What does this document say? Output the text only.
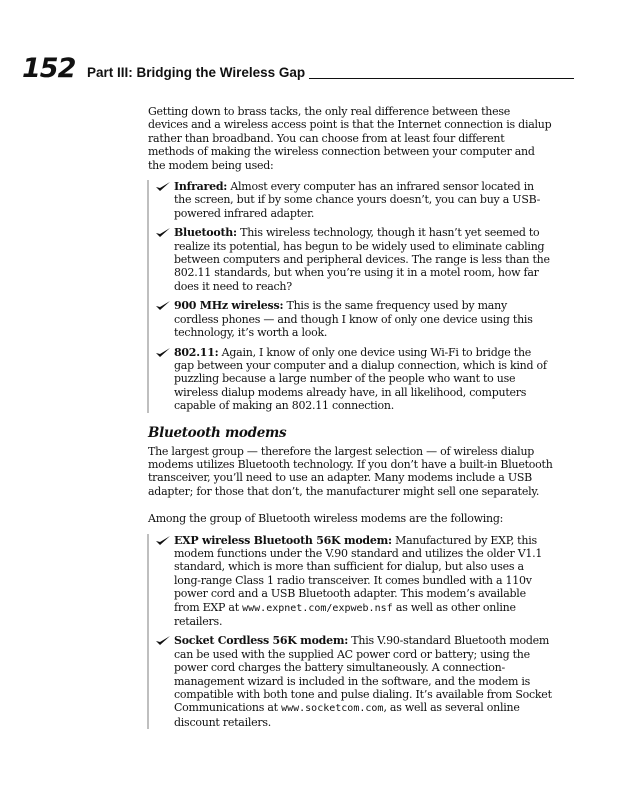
152 Part III: Bridging the Wireless Gap

Getting down to brass tacks, the only real difference between these devices and a wireless access point is that the Internet connection is dialup rather than broadband. You can choose from at least four different methods of making the wireless connection between your computer and the modem being used:

Infrared: Almost every computer has an infrared sensor located in the screen, but if by some chance yours doesn’t, you can buy a USB-powered infrared adapter.
Bluetooth: This wireless technology, though it hasn’t yet seemed to realize its potential, has begun to be widely used to eliminate cabling between computers and peripheral devices. The range is less than the 802.11 standards, but when you’re using it in a motel room, how far does it need to reach?
900 MHz wireless: This is the same frequency used by many cordless phones — and though I know of only one device using this technology, it’s worth a look.
802.11: Again, I know of only one device using Wi-Fi to bridge the gap between your computer and a dialup connection, which is kind of puzzling because a large number of the people who want to use wireless dialup modems already have, in all likelihood, computers capable of making an 802.11 connection.
Bluetooth modems

The largest group — therefore the largest selection — of wireless dialup modems utilizes Bluetooth technology. If you don’t have a built-in Bluetooth transceiver, you’ll need to use an adapter. Many modems include a USB adapter; for those that don’t, the manufacturer might sell one separately.

Among the group of Bluetooth wireless modems are the following:

EXP wireless Bluetooth 56K modem: Manufactured by EXP, this modem functions under the V.90 standard and utilizes the older V1.1 standard, which is more than sufficient for dialup, but also uses a long-range Class 1 radio transceiver. It comes bundled with a 110v power cord and a USB Bluetooth adapter. This modem’s available from EXP at www.expnet.com/expweb.nsf as well as other online retailers.
Socket Cordless 56K modem: This V.90-standard Bluetooth modem can be used with the supplied AC power cord or battery; using the power cord charges the battery simultaneously. A connection-management wizard is included in the software, and the modem is compatible with both tone and pulse dialing. It’s available from Socket Communications at www.socketcom.com, as well as several online discount retailers.
